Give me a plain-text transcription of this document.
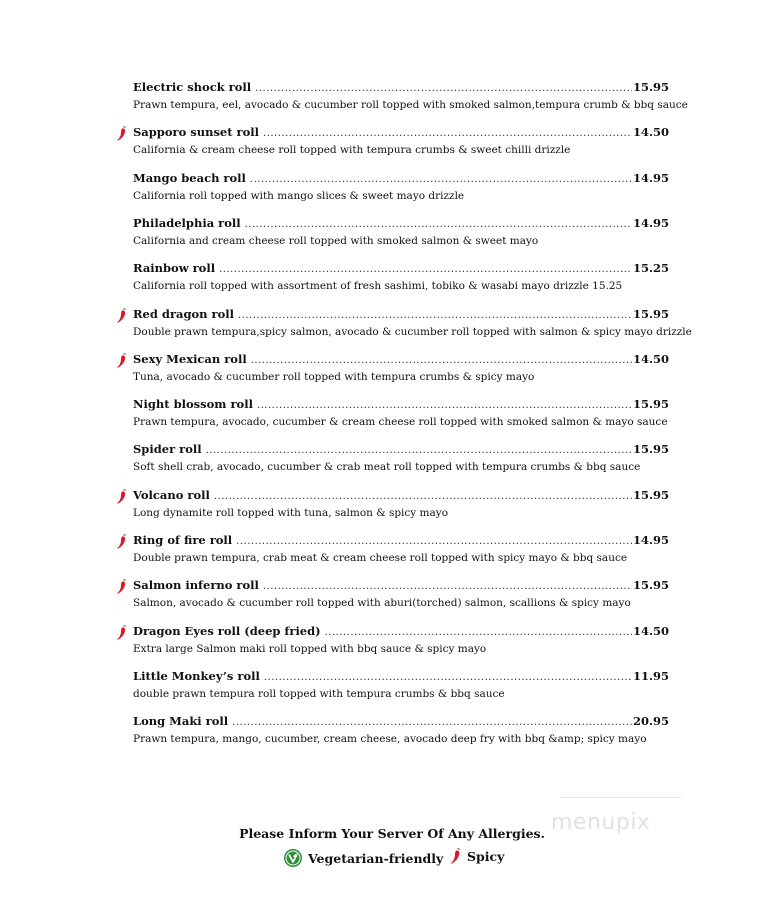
Electric shock roll .....	15.95
Prawn tempura, eel, avocado & cucumber roll topped with smoked salmon,tempura crumb & bbq sauce
Sapporo sunset roll .....	14.50
California & cream cheese roll topped with tempura crumbs & sweet chilli drizzle
Mango beach roll .....	14.95
California roll topped with mango slices & sweet mayo drizzle
Philadelphia roll .....	14.95
California and cream cheese roll topped with smoked salmon & sweet mayo
Rainbow roll .....	15.25
California roll topped with assortment of fresh sashimi, tobiko & wasabi mayo drizzle 15.25
Red dragon roll .....	15.95
Double prawn tempura,spicy salmon, avocado & cucumber roll topped with salmon & spicy mayo drizzle
Sexy Mexican roll .....	14.50
Tuna, avocado & cucumber roll topped with tempura crumbs & spicy mayo
Night blossom roll .....	15.95
Prawn tempura, avocado, cucumber & cream cheese roll topped with smoked salmon & mayo sauce
Spider roll .....	15.95
Soft shell crab, avocado, cucumber & crab meat roll topped with tempura crumbs & bbq sauce
Volcano roll .....	15.95
Long dynamite roll topped with tuna, salmon & spicy mayo
Ring of fire roll .....	14.95
Double prawn tempura, crab meat & cream cheese roll topped with spicy mayo & bbq sauce
Salmon inferno roll .....	15.95
Salmon, avocado & cucumber roll topped with aburi(torched) salmon, scallions & spicy mayo
Dragon Eyes roll (deep fried) .....	14.50
Extra large Salmon maki roll topped with bbq sauce & spicy mayo
Little Monkey’s roll .....	11.95
double prawn tempura roll topped with tempura crumbs & bbq sauce
Long Maki roll .....	20.95
Prawn tempura, mango, cucumber, cream cheese, avocado deep fry with bbq &amp; spicy mayo
Please Inform Your Server Of Any Allergies.
Vegetarian-friendly Spicy
menupix
